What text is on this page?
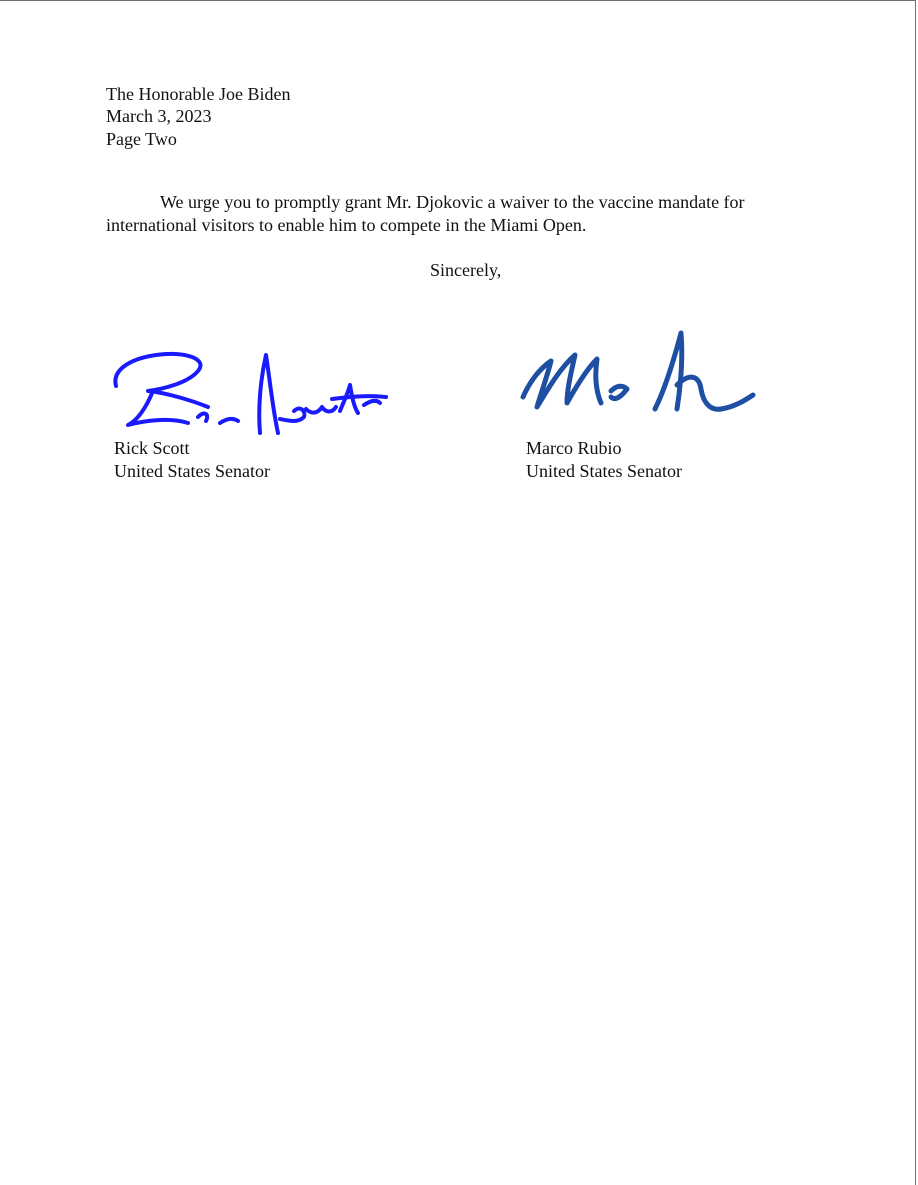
The Honorable Joe Biden
March 3, 2023
Page Two

We urge you to promptly grant Mr. Djokovic a waiver to the vaccine mandate for international visitors to enable him to compete in the Miami Open.

Sincerely,
Rick Scott
United States Senator
Marco Rubio
United States Senator
